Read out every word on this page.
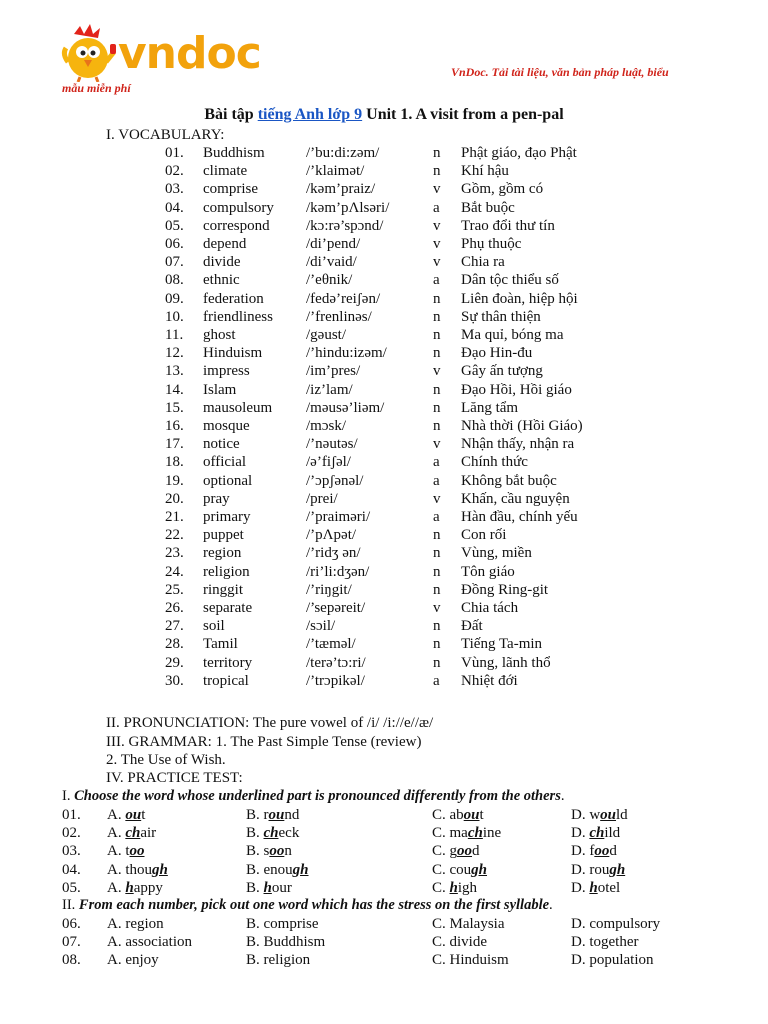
vndoc	VnDoc. Tải tài liệu, văn bản pháp luật, biểu
mẫu miễn phí
Bài tập tiếng Anh lớp 9 Unit 1. A visit from a pen-pal
I. VOCABULARY:
01. Buddhism	/’bu:di:zəm/	n Phật giáo, đạo Phật
02. climate	/’klaimət/	n Khí hậu
03. comprise	/kəm’praiz/	v Gồm, gồm có
04. compulsory /kəm’pɅlsəri/	a Bắt buộc
05. correspond /kɔ:rə’spɔnd/	v Trao đổi thư tín
06. depend	/di’pend/	v Phụ thuộc
07. divide	/di’vaid/	v Chia ra
08. ethnic	/’eθnik/	a Dân tộc thiểu số
09. federation	/fedə’reiʃən/	n Liên đoàn, hiệp hội
10. friendliness /’frenlinəs/	n Sự thân thiện
11. ghost	/gəust/	n Ma quỉ, bóng ma
12. Hinduism	/’hindu:izəm/	n Đạo Hin-đu
13. impress	/im’pres/	v Gây ấn tượng
14. Islam	/iz’lam/	n Đạo Hồi, Hồi giáo
15. mausoleum /məusə’liəm/	n Lăng tẩm
16. mosque	/mɔsk/	n Nhà thời (Hồi Giáo)
17. notice	/’nəutəs/	v Nhận thấy, nhận ra
18. official	/ə’fiʃəl/	a Chính thức
19. optional	/’ɔpʃənəl/	a Không bắt buộc
20. pray	/prei/	v Khấn, cầu nguyện
21. primary	/’praiməri/	a Hàn đầu, chính yếu
22. puppet	/’pɅpət/	n Con rối
23. region	/’ridʒ ən/	n Vùng, miền
24. religion	/ri’li:dʒən/	n Tôn giáo
25. ringgit	/’riŋgit/	n Đồng Ring-git
26. separate	/’sepəreit/	v Chia tách
27. soil	/sɔil/	n Đất
28. Tamil	/’tæməl/	n Tiếng Ta-min
29. territory	/terə’tɔ:ri/	n Vùng, lãnh thổ
30. tropical	/’trɔpikəl/	a Nhiệt đới
II. PRONUNCIATION: The pure vowel of /i/ /i://e//æ/
III. GRAMMAR: 1. The Past Simple Tense (review)
2. The Use of Wish.
IV. PRACTICE TEST:
I. Choose the word whose underlined part is pronounced differently from the others.
01. A. out	B. round	C. about	D. would
02. A. chair	B. check	C. machine	D. child
03. A. too	B. soon	C. good	D. food
04. A. though	B. enough	C. cough	D. rough
05. A. happy	B. hour	C. high	D. hotel
II. From each number, pick out one word which has the stress on the first syllable.
06. A. region	B. comprise	C. Malaysia	D. compulsory
07. A. association	B. Buddhism	C. divide	D. together
08. A. enjoy	B. religion	C. Hinduism	D. population
